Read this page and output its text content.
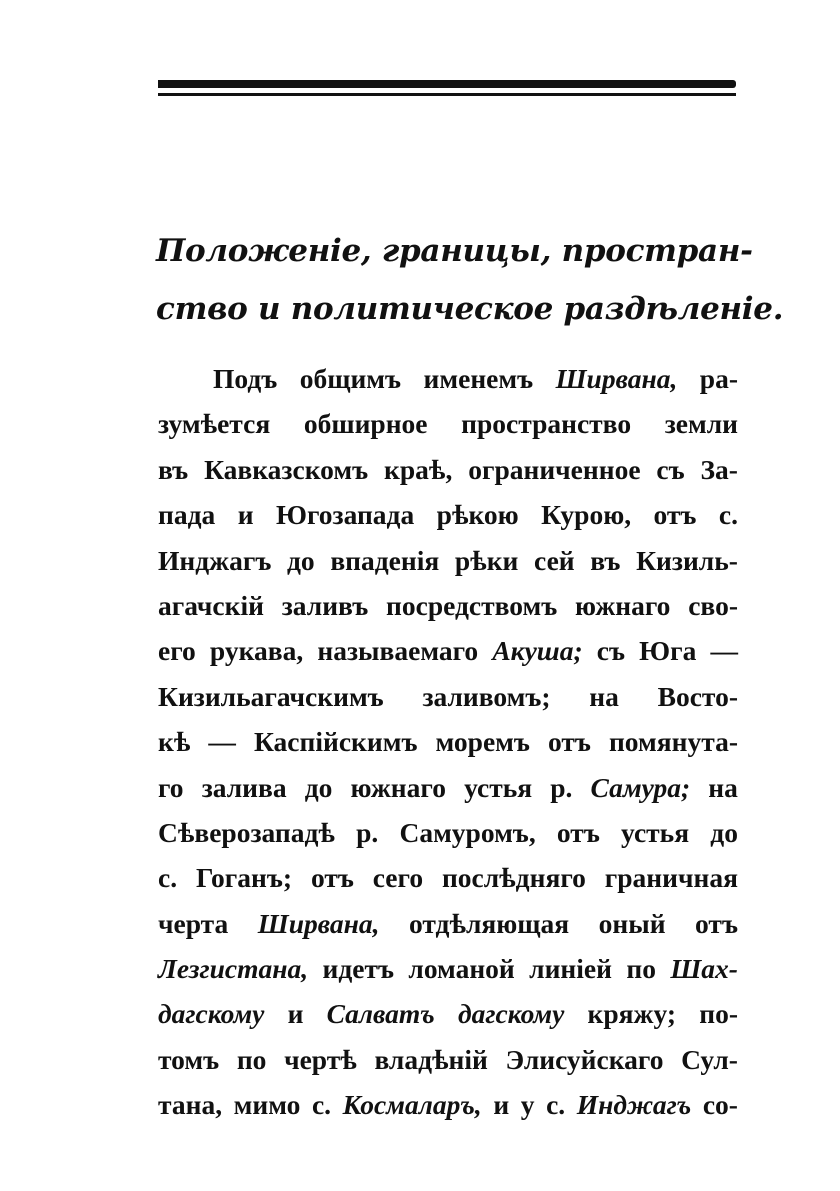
Положеніе, границы, простран-
ство и политическое раздѣленіе.
Подъ общимъ именемъ Ширвана, ра-
зумѣется обширное пространство земли
въ Кавказскомъ краѣ, ограниченное съ За-
пада и Югозапада рѣкою Курою, отъ с.
Инджагъ до впаденія рѣки сей въ Кизиль-
агачскій заливъ посредствомъ южнаго сво-
его рукава, называемаго Акуша; съ Юга —
Кизильагачскимъ заливомъ; на Восто-
кѣ — Каспійскимъ моремъ отъ помянута-
го залива до южнаго устья р. Самура; на
Сѣверозападѣ р. Самуромъ, отъ устья до
с. Гоганъ; отъ сего послѣдняго граничная
черта Ширвана, отдѣляющая оный отъ
Лезгистана, идетъ ломаной линіей по Шах-
дагскому и Салватъ дагскому кряжу; по-
томъ по чертѣ владѣній Элисуйскаго Сул-
тана, мимо с. Космаларъ, и у с. Инджагъ со-
